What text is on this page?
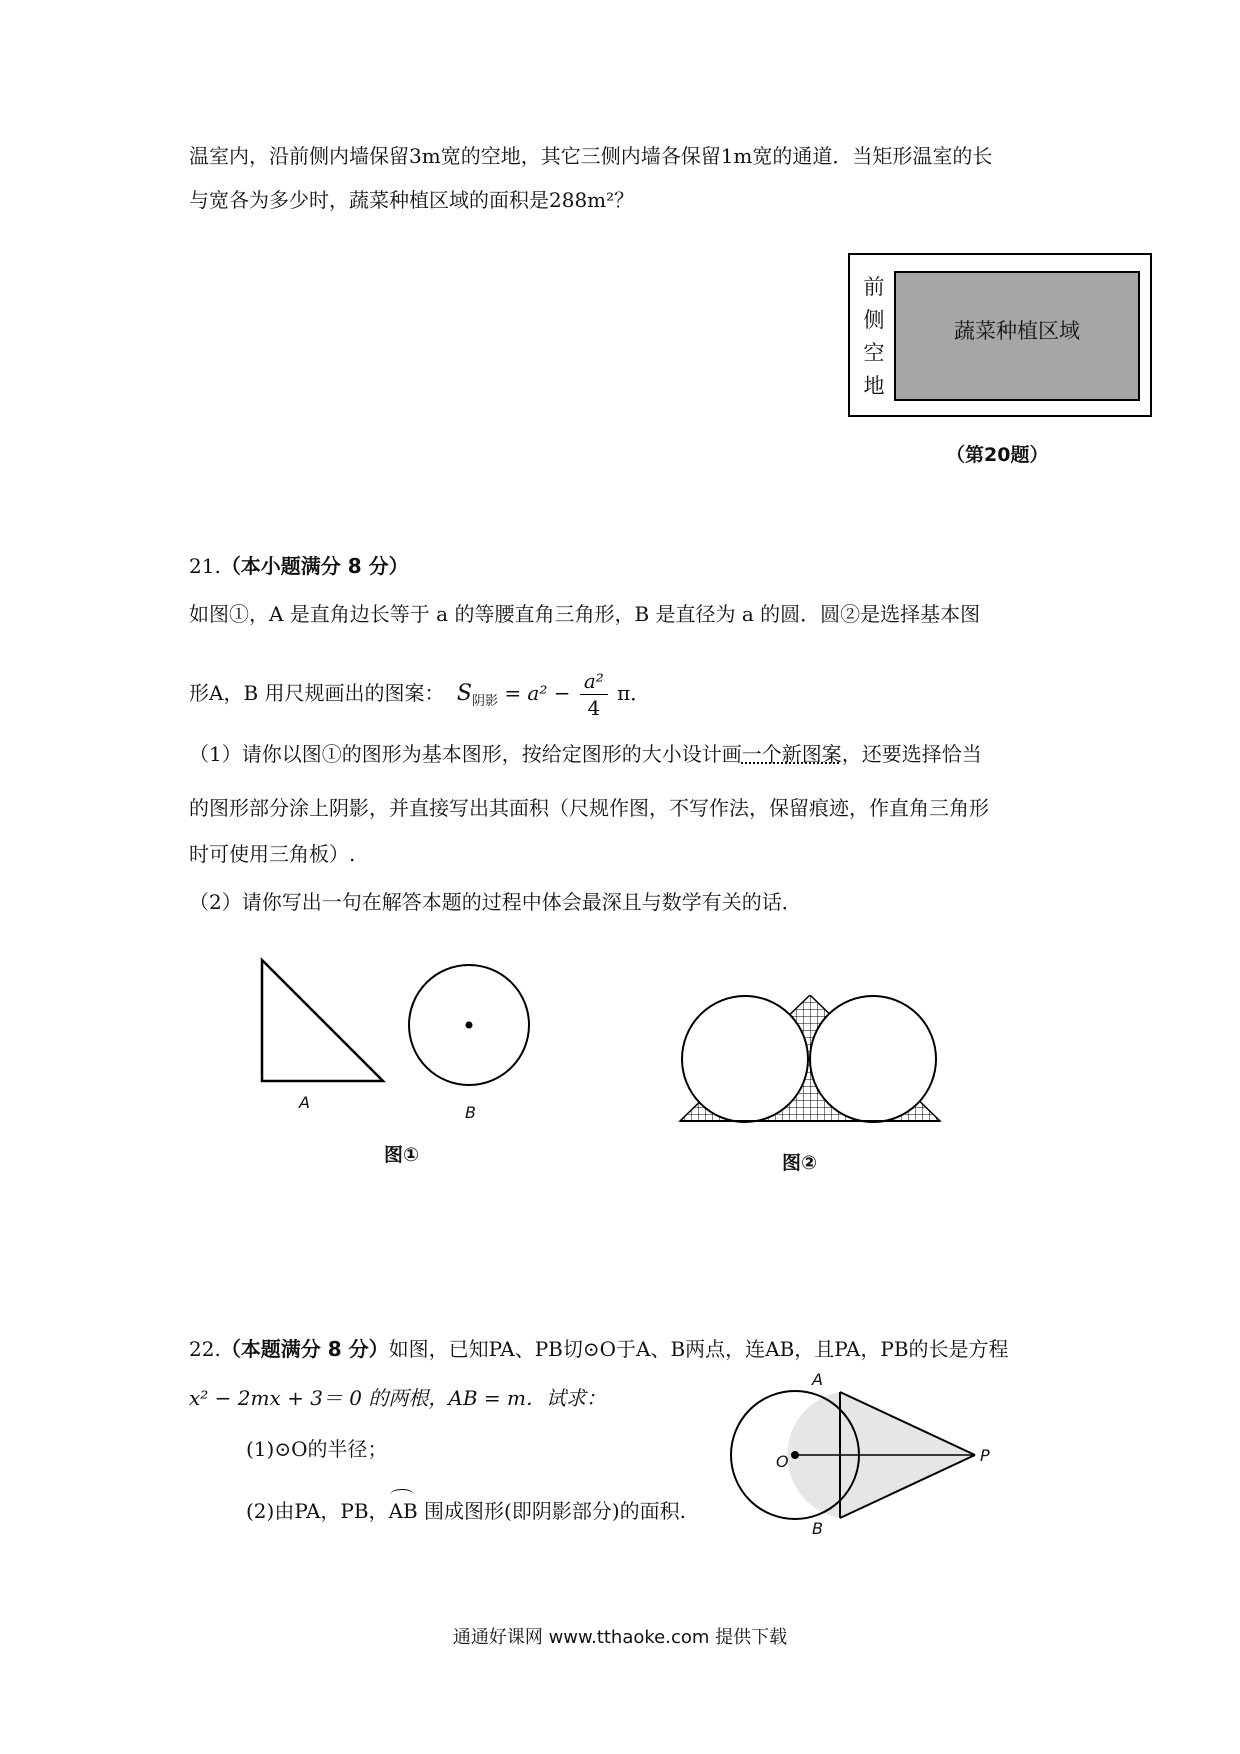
温室内，沿前侧内墙保留3m宽的空地，其它三侧内墙各保留1m宽的通道．当矩形温室的长
与宽各为多少时，蔬菜种植区域的面积是288m²？
蔬菜种植区域
前
侧
空
地
（第20题）
21.（本小题满分 8 分）
如图①，A 是直角边长等于 a 的等腰直角三角形，B 是直径为 a 的圆．圆②是选择基本图
形A，B 用尺规画出的图案： $S_{阴影} = a^2 - \frac{\text{a²}}{4}$ π．
（1）请你以图①的图形为基本图形，按给定图形的大小设计画一个新图案，还要选择恰当
的图形部分涂上阴影，并直接写出其面积（尺规作图，不写作法，保留痕迹，作直角三角形
时可使用三角板）.
（2）请你写出一句在解答本题的过程中体会最深且与数学有关的话．
A
B
图①	图②
22.（本题满分 8 分）如图，已知PA、PB切⊙O于A、B两点，连AB，且PA，PB的长是方程
x² − 2mx + 3＝ 0 的两根，AB = m．试求：
(1)⊙O的半径；
(2)由PA，PB，
AB 围成图形(即阴影部分)的面积.
A
B
O	P
通通好课网 www.tthaoke.com 提供下载
